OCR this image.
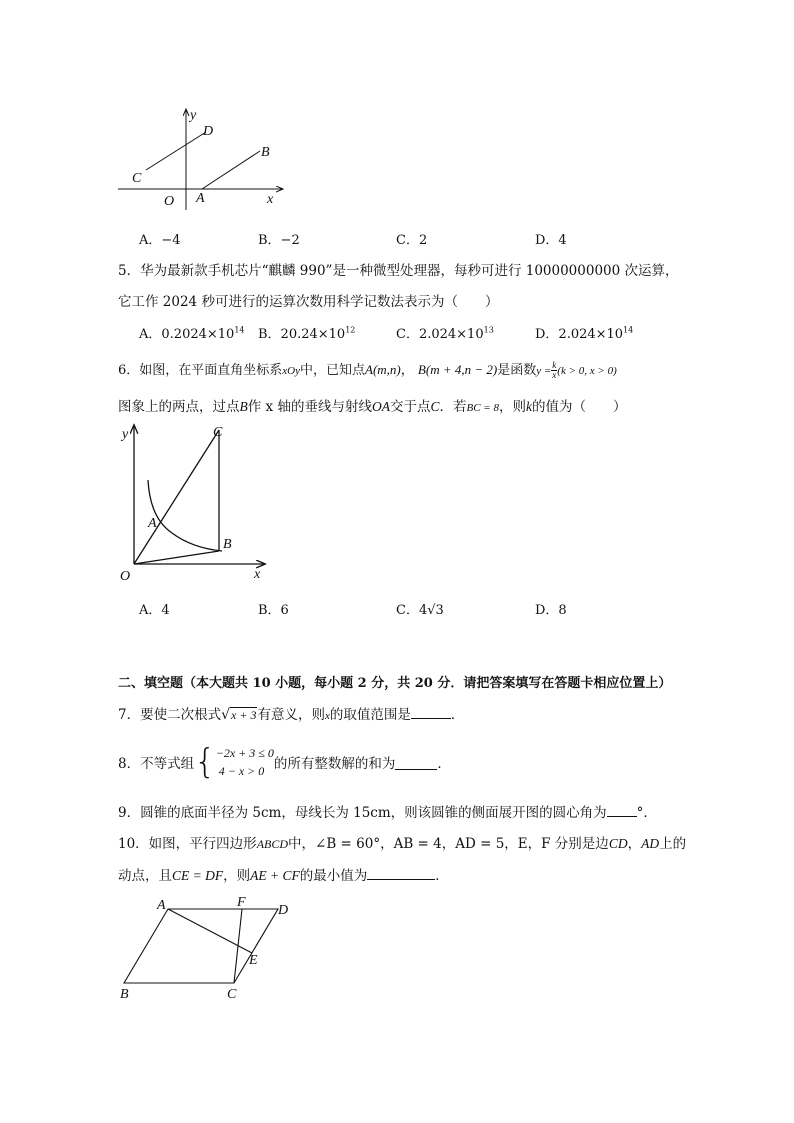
y
D
B
C
O A	x
A．−4	B．−2	C．2	D．4
5．华为最新款手机芯片“麒麟 990”是一种微型处理器，每秒可进行 10000000000 次运算，
它工作 2024 秒可进行的运算次数用科学记数法表示为（　　）
A．$0.2024\times 10^{14}$ B．$20.24\times 10^{12}$	C．$2.024\times 10^{13}$	D．$2.024\times 10^{14}$
6．如图，在平面直角坐标系xOy中，已知点A(m,n)， B(m + 4,n − 2)是函数$y = \frac{k}{x} (k > 0$, x > 0)
图象上的两点，过点B作 x 轴的垂线与射线OA交于点C．若BC = 8，则k的值为（　　）
y	C
A
B
O	x
A．4	B．6	C．4√3	D．8
二、填空题（本大题共 10 小题，每小题 2 分，共 20 分．请把答案填写在答题卡相应位置上）
7．要使二次根式√x + 3有意义，则x的取值范围是	．
8．不等式组{ −2x + 3 ≤ 0
4 − x > 0 的所有整数解的和为	．
9．圆锥的底面半径为 5cm，母线长为 15cm，则该圆锥的侧面展开图的圆心角为 °．
10．如图，平行四边形ABCD中，∠B = 60°，AB = 4，AD = 5，E，F 分别是边CD，AD上的
动点，且CE = DF，则AE + CF的最小值为	．
A	F
D
E
B	C
